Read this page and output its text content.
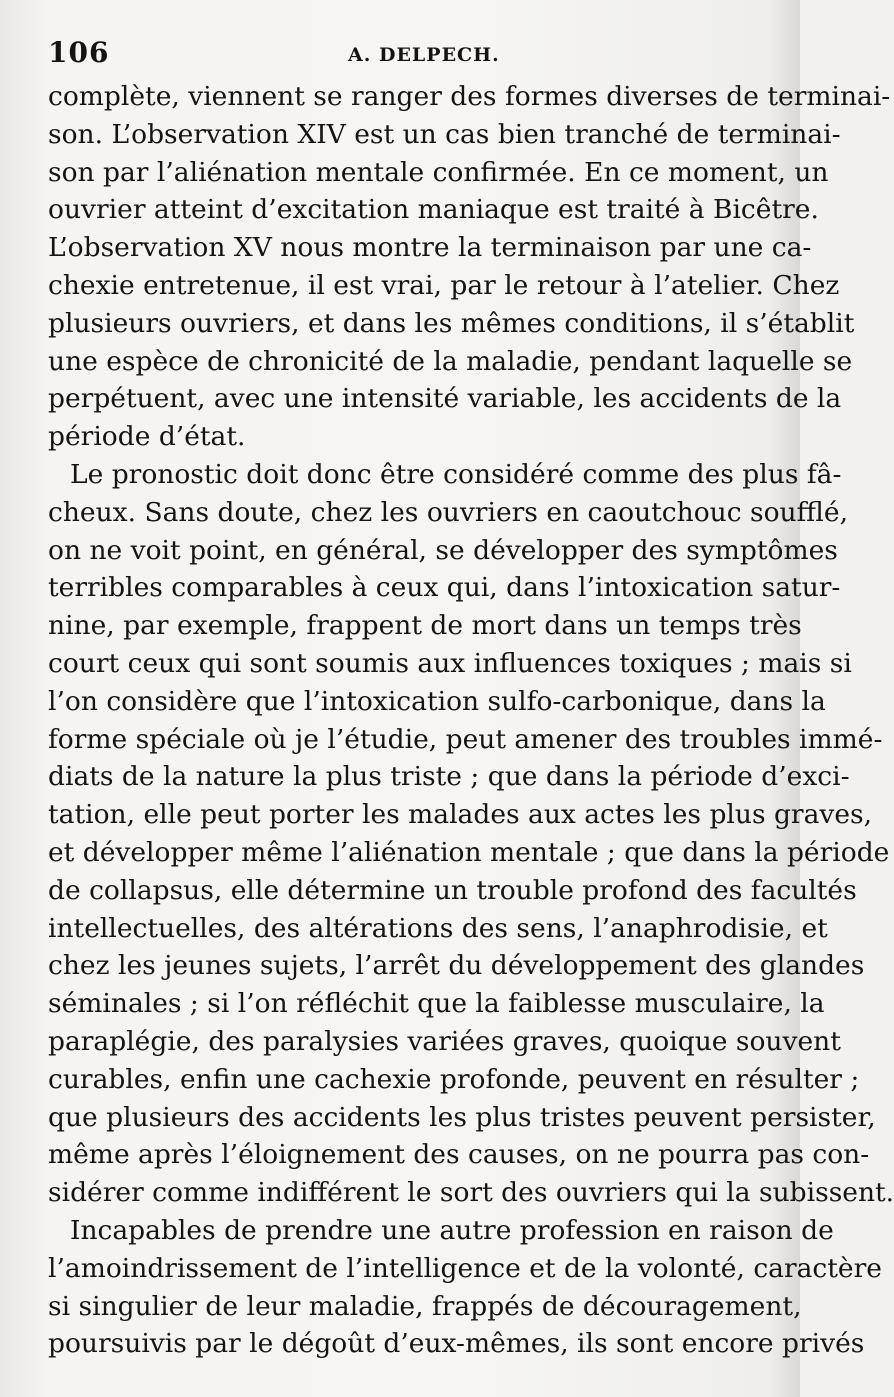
106	A. DELPECH.
complète, viennent se ranger des formes diverses de terminai-
son. L’observation XIV est un cas bien tranché de terminai-
son par l’aliénation mentale confirmée. En ce moment, un
ouvrier atteint d’excitation maniaque est traité à Bicêtre.
L’observation XV nous montre la terminaison par une ca-
chexie entretenue, il est vrai, par le retour à l’atelier. Chez
plusieurs ouvriers, et dans les mêmes conditions, il s’établit
une espèce de chronicité de la maladie, pendant laquelle se
perpétuent, avec une intensité variable, les accidents de la
période d’état.
Le pronostic doit donc être considéré comme des plus fâ-
cheux. Sans doute, chez les ouvriers en caoutchouc soufflé,
on ne voit point, en général, se développer des symptômes
terribles comparables à ceux qui, dans l’intoxication satur-
nine, par exemple, frappent de mort dans un temps très
court ceux qui sont soumis aux influences toxiques ; mais si
l’on considère que l’intoxication sulfo-carbonique, dans la
forme spéciale où je l’étudie, peut amener des troubles immé-
diats de la nature la plus triste ; que dans la période d’exci-
tation, elle peut porter les malades aux actes les plus graves,
et développer même l’aliénation mentale ; que dans la période
de collapsus, elle détermine un trouble profond des facultés
intellectuelles, des altérations des sens, l’anaphrodisie, et
chez les jeunes sujets, l’arrêt du développement des glandes
séminales ; si l’on réfléchit que la faiblesse musculaire, la
paraplégie, des paralysies variées graves, quoique souvent
curables, enfin une cachexie profonde, peuvent en résulter ;
que plusieurs des accidents les plus tristes peuvent persister,
même après l’éloignement des causes, on ne pourra pas con-
sidérer comme indifférent le sort des ouvriers qui la subissent.
Incapables de prendre une autre profession en raison de
l’amoindrissement de l’intelligence et de la volonté, caractère
si singulier de leur maladie, frappés de découragement,
poursuivis par le dégoût d’eux-mêmes, ils sont encore privés
